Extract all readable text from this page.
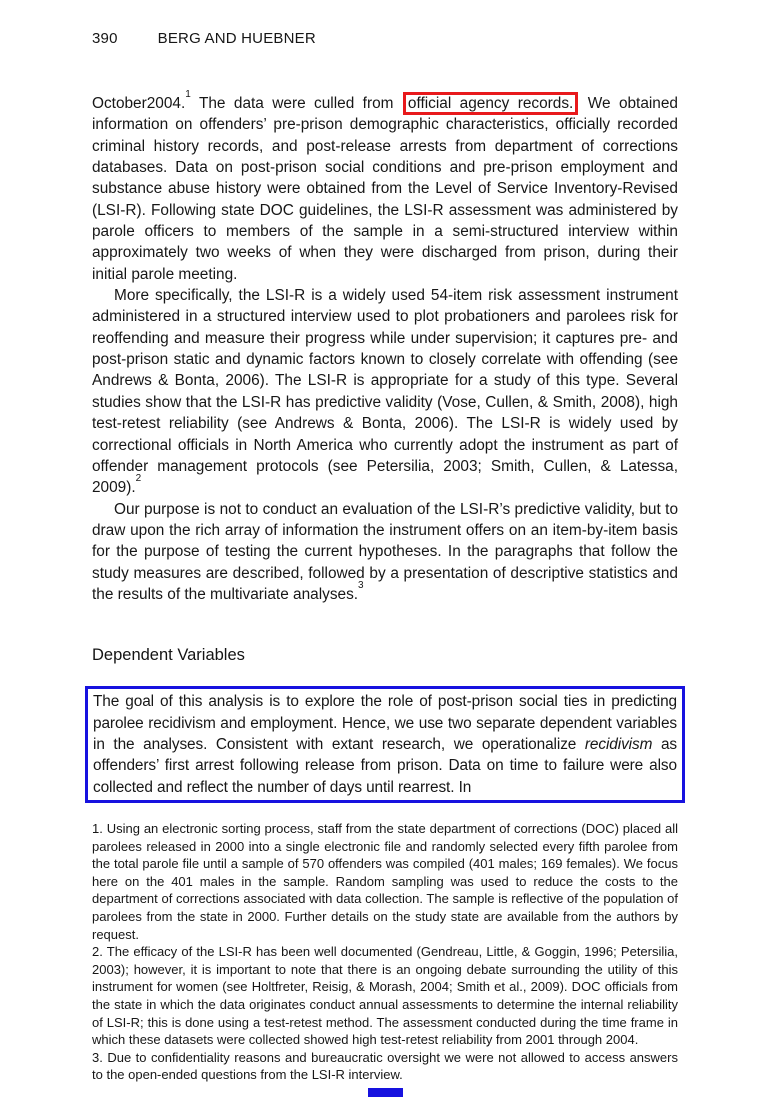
390	BERG AND HUEBNER

October2004.$^1$ The data were culled from official agency records. We obtained information on offenders’ pre-prison demographic characteristics, officially recorded criminal history records, and post-release arrests from department of corrections databases. Data on post-prison social conditions and pre-prison employment and substance abuse history were obtained from the Level of Service Inventory-Revised (LSI-R). Following state DOC guidelines, the LSI-R assessment was administered by parole officers to members of the sample in a semi-structured interview within approximately two weeks of when they were discharged from prison, during their initial parole meeting.

More specifically, the LSI-R is a widely used 54-item risk assessment instrument administered in a structured interview used to plot probationers and parolees risk for reoffending and measure their progress while under supervision; it captures pre- and post-prison static and dynamic factors known to closely correlate with offending (see Andrews & Bonta, 2006). The LSI-R is appropriate for a study of this type. Several studies show that the LSI-R has predictive validity (Vose, Cullen, & Smith, 2008), high test-retest reliability (see Andrews & Bonta, 2006). The LSI-R is widely used by correctional officials in North America who currently adopt the instrument as part of offender management protocols (see Petersilia, 2003; Smith, Cullen, & Latessa, 2009).$^2$

Our purpose is not to conduct an evaluation of the LSI-R’s predictive validity, but to draw upon the rich array of information the instrument offers on an item-by-item basis for the purpose of testing the current hypotheses. In the paragraphs that follow the study measures are described, followed by a presentation of descriptive statistics and the results of the multivariate analyses.$^3$

Dependent Variables

The goal of this analysis is to explore the role of post-prison social ties in predicting parolee recidivism and employment. Hence, we use two separate dependent variables in the analyses. Consistent with extant research, we operationalize recidivism as offenders’ first arrest following release from prison. Data on time to failure were also collected and reflect the number of days until rearrest. In

1. Using an electronic sorting process, staff from the state department of corrections (DOC) placed all parolees released in 2000 into a single electronic file and randomly selected every fifth parolee from the total parole file until a sample of 570 offenders was compiled (401 males; 169 females). We focus here on the 401 males in the sample. Random sampling was used to reduce the costs to the department of corrections associated with data collection. The sample is reflective of the population of parolees from the state in 2000. Further details on the study state are available from the authors by request.

2. The efficacy of the LSI-R has been well documented (Gendreau, Little, & Goggin, 1996; Petersilia, 2003); however, it is important to note that there is an ongoing debate surrounding the utility of this instrument for women (see Holtfreter, Reisig, & Morash, 2004; Smith et al., 2009). DOC officials from the state in which the data originates conduct annual assessments to determine the internal reliability of LSI-R; this is done using a test-retest method. The assessment conducted during the time frame in which these datasets were collected showed high test-retest reliability from 2001 through 2004.

3. Due to confidentiality reasons and bureaucratic oversight we were not allowed to access answers to the open-ended questions from the LSI-R interview.
